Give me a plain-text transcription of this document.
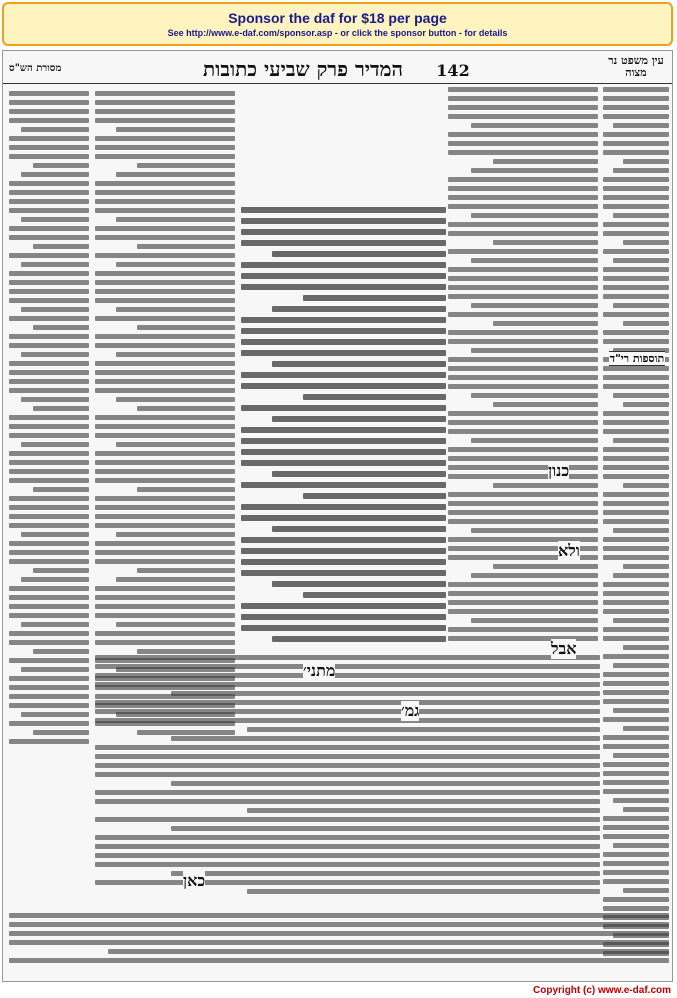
Sponsor the daf for $18 per page
See http://www.e-daf.com/sponsor.asp - or click the sponsor button - for details
מסורת הש"ס	142
המדיר פרק שביעי כתובות	עין משפט נר מצוה
תוספות רי"ד
מתני׳
גמ׳
כאן
ולא
כנון
אבל
Copyright (c) www.e-daf.com
